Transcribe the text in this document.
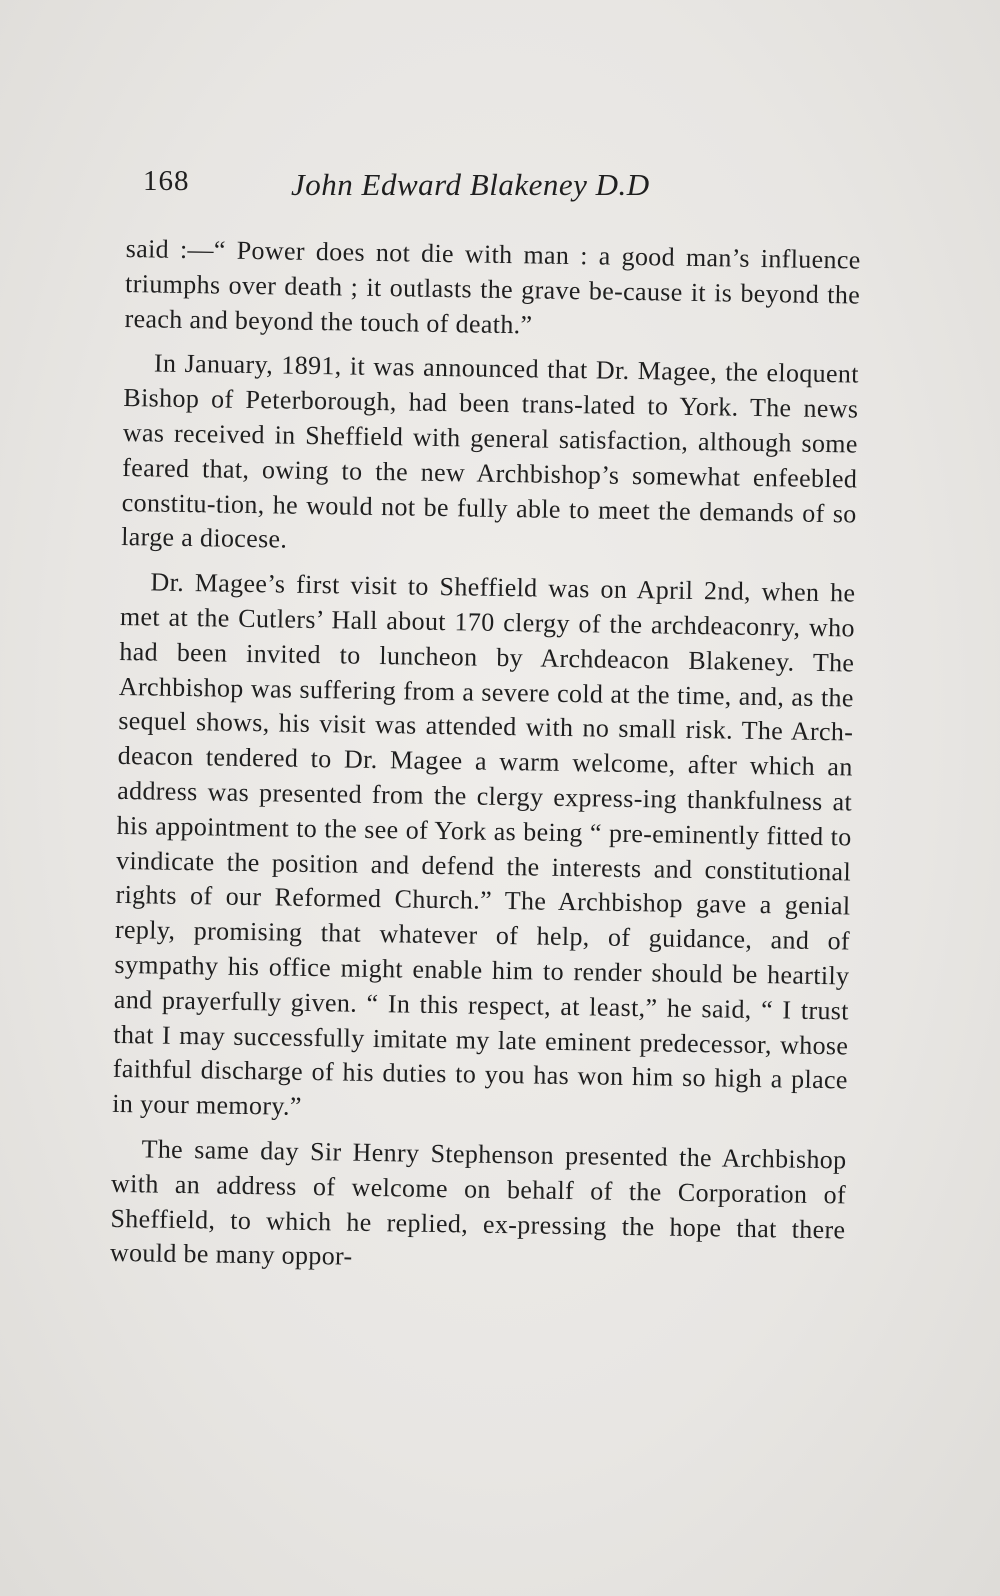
168	John Edward Blakeney D.D

said :—“ Power does not die with man : a good man’s influence triumphs over death ; it outlasts the grave be-cause it is beyond the reach and beyond the touch of death.”

In January, 1891, it was announced that Dr. Magee, the eloquent Bishop of Peterborough, had been trans-lated to York. The news was received in Sheffield with general satisfaction, although some feared that, owing to the new Archbishop’s somewhat enfeebled constitu-tion, he would not be fully able to meet the demands of so large a diocese.

Dr. Magee’s first visit to Sheffield was on April 2nd, when he met at the Cutlers’ Hall about 170 clergy of the archdeaconry, who had been invited to luncheon by Archdeacon Blakeney. The Archbishop was suffering from a severe cold at the time, and, as the sequel shows, his visit was attended with no small risk. The Arch-deacon tendered to Dr. Magee a warm welcome, after which an address was presented from the clergy express-ing thankfulness at his appointment to the see of York as being “ pre-eminently fitted to vindicate the position and defend the interests and constitutional rights of our Reformed Church.” The Archbishop gave a genial reply, promising that whatever of help, of guidance, and of sympathy his office might enable him to render should be heartily and prayerfully given. “ In this respect, at least,” he said, “ I trust that I may successfully imitate my late eminent predecessor, whose faithful discharge of his duties to you has won him so high a place in your memory.”

The same day Sir Henry Stephenson presented the Archbishop with an address of welcome on behalf of the Corporation of Sheffield, to which he replied, ex-pressing the hope that there would be many oppor-
